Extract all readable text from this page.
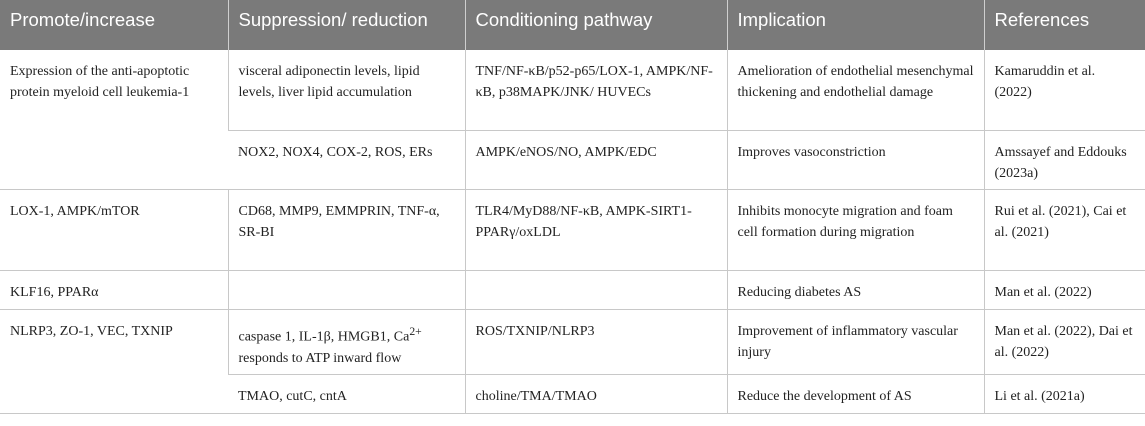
Promote/increase	Suppression/ reduction	Conditioning pathway	Implication	References
Expression of the anti-apoptotic protein myeloid cell leukemia-1	visceral adiponectin levels, lipid levels, liver lipid accumulation	TNF/NF-κB/p52-p65/LOX-1, AMPK/NF-κB, p38MAPK/JNK/ HUVECs	Amelioration of endothelial mesenchymal thickening and endothelial damage	Kamaruddin et al. (2022)
	NOX2, NOX4, COX-2, ROS, ERs	AMPK/eNOS/NO, AMPK/EDC	Improves vasoconstriction	Amssayef and Eddouks (2023a)
LOX-1, AMPK/mTOR	CD68, MMP9, EMMPRIN, TNF-α, SR-BI	TLR4/MyD88/NF-κB, AMPK-SIRT1-PPARγ/oxLDL	Inhibits monocyte migration and foam cell formation during migration	Rui et al. (2021), Cai et al. (2021)
KLF16, PPARα			Reducing diabetes AS	Man et al. (2022)
NLRP3, ZO-1, VEC, TXNIP	caspase 1, IL-1β, HMGB1, $Ca^{2+}$ responds to ATP inward flow	ROS/TXNIP/NLRP3	Improvement of inflammatory vascular injury	Man et al. (2022), Dai et al. (2022)
	TMAO, cutC, cntA	choline/TMA/TMAO	Reduce the development of AS	Li et al. (2021a)
